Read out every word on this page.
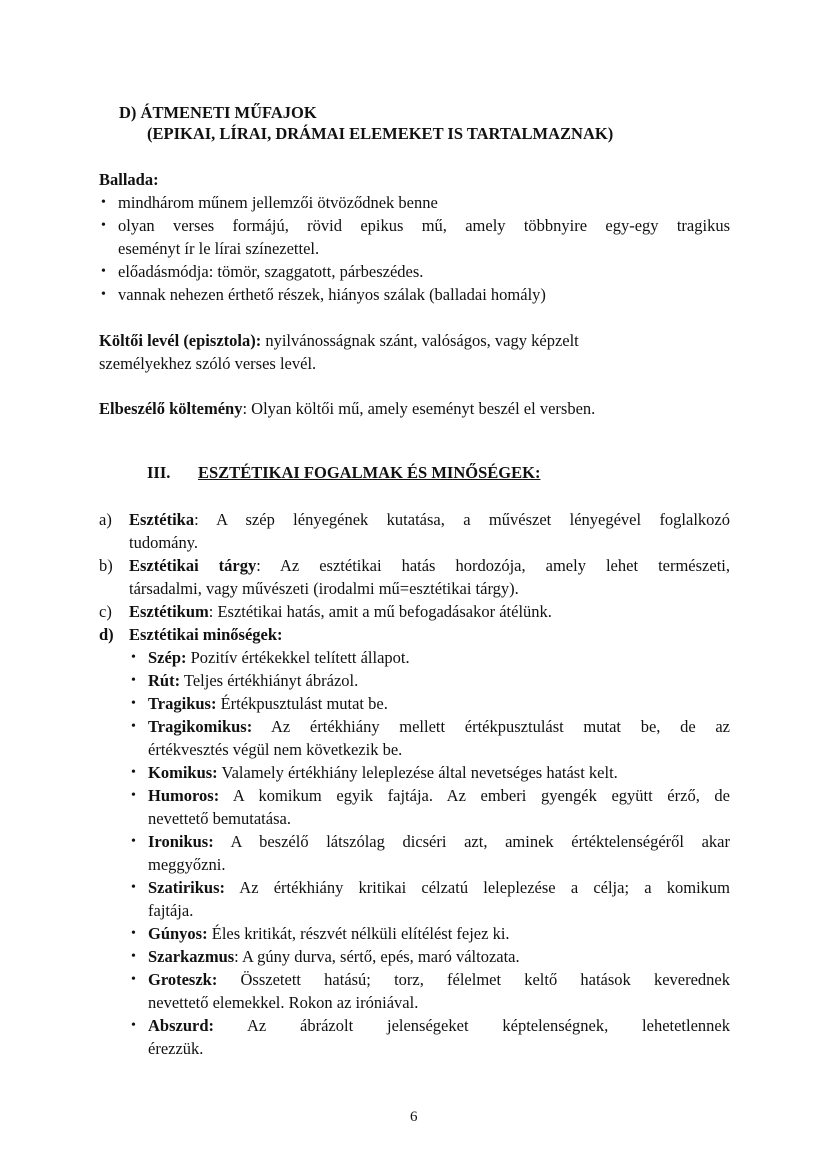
D) ÁTMENETI MŰFAJOK
(EPIKAI, LÍRAI, DRÁMAI ELEMEKET IS TARTALMAZNAK)
Ballada:
• mindhárom műnem jellemzői ötvöződnek benne
• olyan verses formájú, rövid epikus mű, amely többnyire egy-egy tragikus
eseményt ír le lírai színezettel.
• előadásmódja: tömör, szaggatott, párbeszédes.
• vannak nehezen érthető részek, hiányos szálak (balladai homály)
Költői levél (episztola): nyilvánosságnak szánt, valóságos, vagy képzelt
személyekhez szóló verses levél.
Elbeszélő költemény: Olyan költői mű, amely eseményt beszél el versben.
III. ESZTÉTIKAI FOGALMAK ÉS MINŐSÉGEK:
a) Esztétika: A szép lényegének kutatása, a művészet lényegével foglalkozó
tudomány.
b) Esztétikai tárgy: Az esztétikai hatás hordozója, amely lehet természeti,
társadalmi, vagy művészeti (irodalmi mű=esztétikai tárgy).
c) Esztétikum: Esztétikai hatás, amit a mű befogadásakor átélünk.
d) Esztétikai minőségek:
• Szép: Pozitív értékekkel telített állapot.
• Rút: Teljes értékhiányt ábrázol.
• Tragikus: Értékpusztulást mutat be.
• Tragikomikus: Az értékhiány mellett értékpusztulást mutat be, de az
értékvesztés végül nem következik be.
• Komikus: Valamely értékhiány leleplezése által nevetséges hatást kelt.
• Humoros: A komikum egyik fajtája. Az emberi gyengék együtt érző, de
nevettető bemutatása.
• Ironikus: A beszélő látszólag dicséri azt, aminek értéktelenségéről akar
meggyőzni.
• Szatirikus: Az értékhiány kritikai célzatú leleplezése a célja; a komikum
fajtája.
• Gúnyos: Éles kritikát, részvét nélküli elítélést fejez ki.
• Szarkazmus: A gúny durva, sértő, epés, maró változata.
• Groteszk: Összetett hatású; torz, félelmet keltő hatások keverednek
nevettető elemekkel. Rokon az iróniával.
• Abszurd: Az ábrázolt jelenségeket képtelenségnek, lehetetlennek
érezzük.
6
